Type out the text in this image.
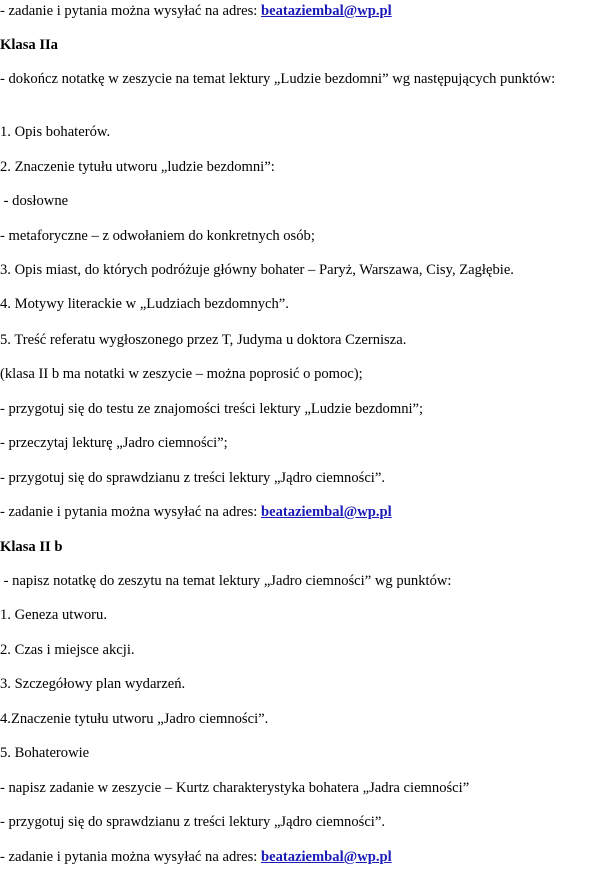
- zadanie i pytania można wysyłać na adres: beataziembal@wp.pl
Klasa IIa
- dokończ notatkę w zeszycie na temat lektury „Ludzie bezdomni” wg następujących punktów:
1. Opis bohaterów.
2. Znaczenie tytułu utworu „ludzie bezdomni”:
- dosłowne
- metaforyczne – z odwołaniem do konkretnych osób;
3. Opis miast, do których podróżuje główny bohater – Paryż, Warszawa, Cisy, Zagłębie.
4. Motywy literackie w „Ludziach bezdomnych”.
5. Treść referatu wygłoszonego przez T, Judyma u doktora Czernisza.
(klasa II b ma notatki w zeszycie – można poprosić o pomoc);
- przygotuj się do testu ze znajomości treści lektury „Ludzie bezdomni”;
- przeczytaj lekturę „Jadro ciemności”;
- przygotuj się do sprawdzianu z treści lektury „Jądro ciemności”.
- zadanie i pytania można wysyłać na adres: beataziembal@wp.pl
Klasa II b
- napisz notatkę do zeszytu na temat lektury „Jadro ciemności” wg punktów:
1. Geneza utworu.
2. Czas i miejsce akcji.
3. Szczegółowy plan wydarzeń.
4.Znaczenie tytułu utworu „Jadro ciemności”.
5. Bohaterowie
- napisz zadanie w zeszycie – Kurtz charakterystyka bohatera „Jadra ciemności”
- przygotuj się do sprawdzianu z treści lektury „Jądro ciemności”.
- zadanie i pytania można wysyłać na adres: beataziembal@wp.pl
